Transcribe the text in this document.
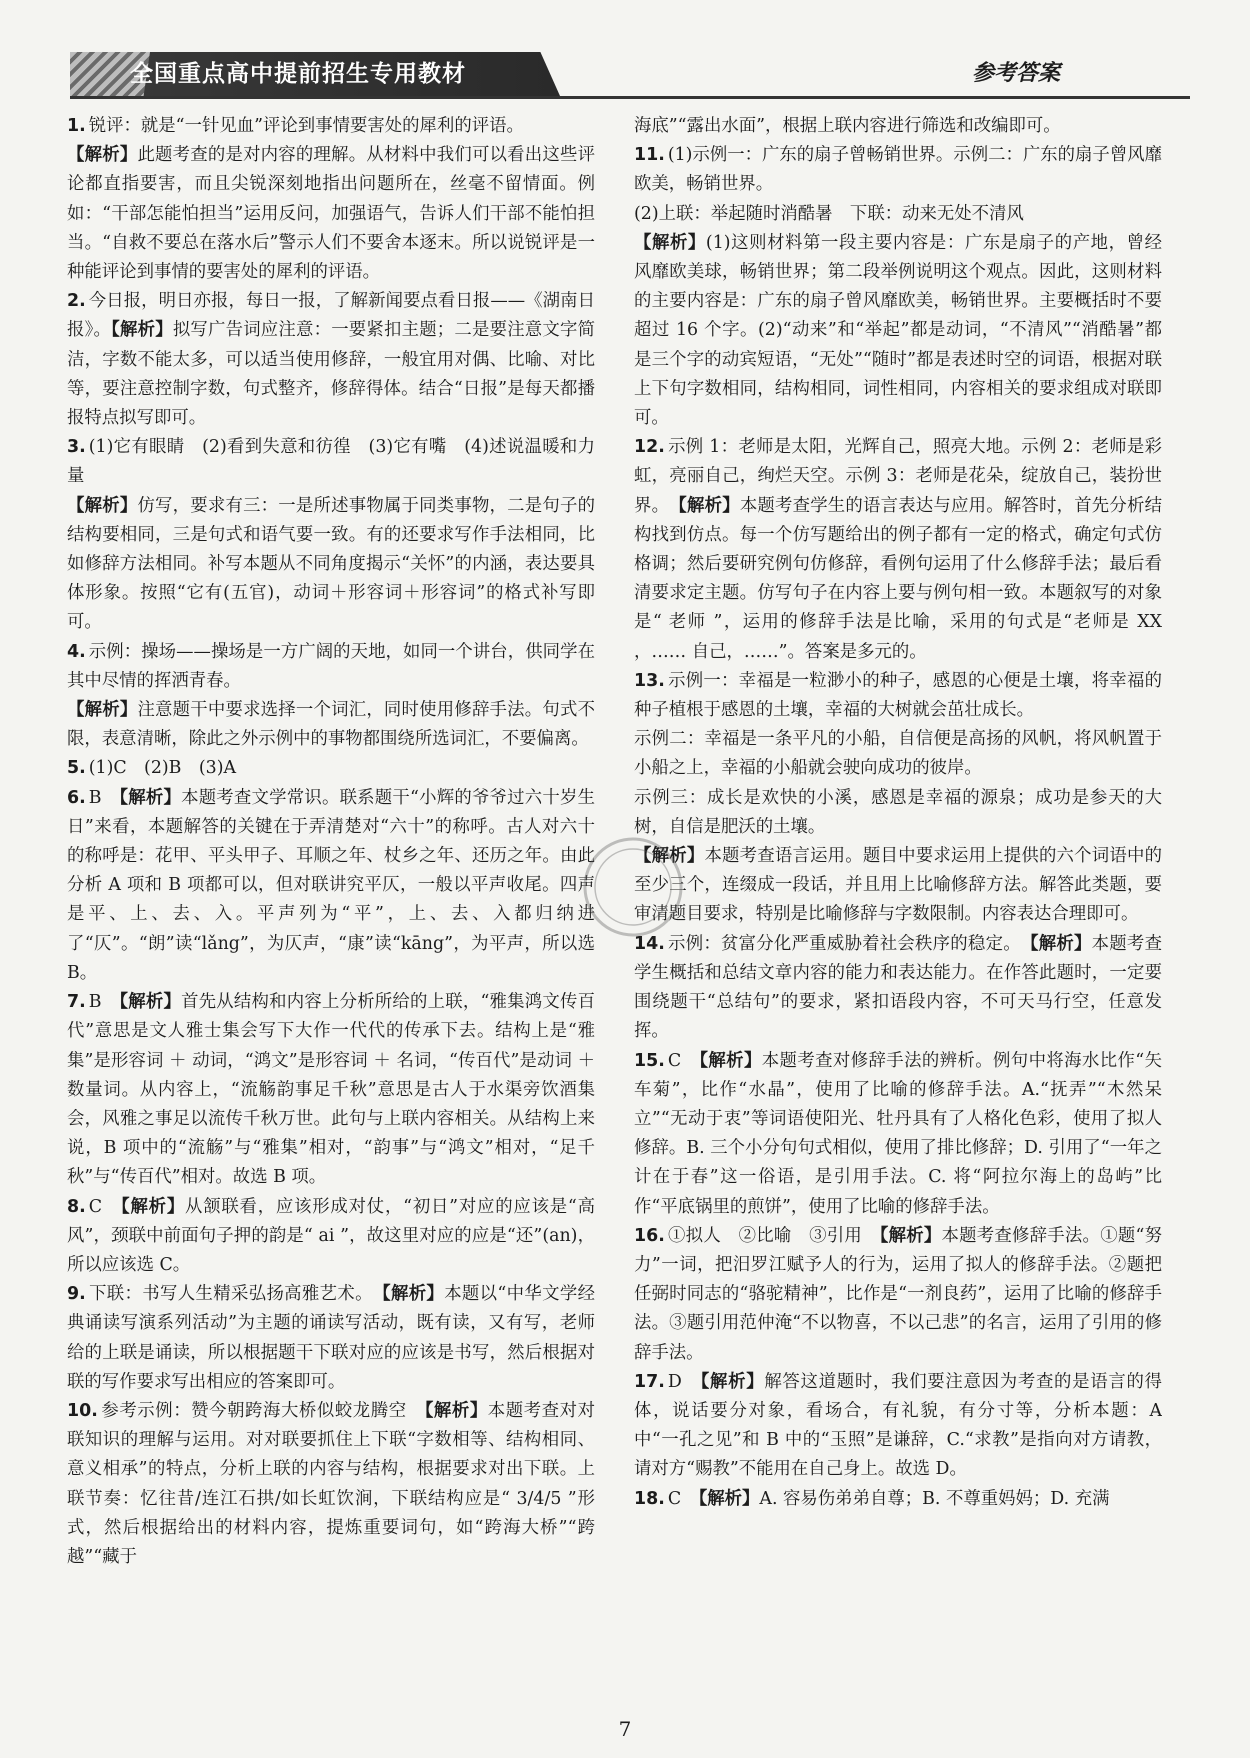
全国重点高中提前招生专用教材	参考答案

1. 锐评：就是“一针见血”评论到事情要害处的犀利的评语。

【解析】此题考查的是对内容的理解。从材料中我们可以看出这些评论都直指要害，而且尖锐深刻地指出问题所在，丝毫不留情面。例如：“干部怎能怕担当”运用反问，加强语气，告诉人们干部不能怕担当。“自救不要总在落水后”警示人们不要舍本逐末。所以说锐评是一种能评论到事情的要害处的犀利的评语。

2. 今日报，明日亦报，每日一报，了解新闻要点看日报——《湖南日报》。【解析】拟写广告词应注意：一要紧扣主题；二是要注意文字简洁，字数不能太多，可以适当使用修辞，一般宜用对偶、比喻、对比等，要注意控制字数，句式整齐，修辞得体。结合“日报”是每天都播报特点拟写即可。

3. (1)它有眼睛　(2)看到失意和彷徨　(3)它有嘴　(4)述说温暖和力量

【解析】仿写，要求有三：一是所述事物属于同类事物，二是句子的结构要相同，三是句式和语气要一致。有的还要求写作手法相同，比如修辞方法相同。补写本题从不同角度揭示“关怀”的内涵，表达要具体形象。按照“它有(五官)，动词＋形容词＋形容词”的格式补写即可。

4. 示例：操场——操场是一方广阔的天地，如同一个讲台，供同学在其中尽情的挥洒青春。

【解析】注意题干中要求选择一个词汇，同时使用修辞手法。句式不限，表意清晰，除此之外示例中的事物都围绕所选词汇，不要偏离。

5. (1)C　(2)B　(3)A

6. B　【解析】本题考查文学常识。联系题干“小辉的爷爷过六十岁生日”来看，本题解答的关键在于弄清楚对“六十”的称呼。古人对六十的称呼是：花甲、平头甲子、耳顺之年、杖乡之年、还历之年。由此分析 A 项和 B 项都可以，但对联讲究平仄，一般以平声收尾。四声是平、上、去、入。平声列为“平”，上、去、入都归纳进了“仄”。“朗”读“lǎng”，为仄声，“康”读“kāng”，为平声，所以选 B。

7. B　【解析】首先从结构和内容上分析所给的上联，“雅集鸿文传百代”意思是文人雅士集会写下大作一代代的传承下去。结构上是“雅集”是形容词 ＋ 动词，“鸿文”是形容词 ＋ 名词，“传百代”是动词 ＋ 数量词。从内容上，“流觞韵事足千秋”意思是古人于水渠旁饮酒集会，风雅之事足以流传千秋万世。此句与上联内容相关。从结构上来说，B 项中的“流觞”与“雅集”相对，“韵事”与“鸿文”相对，“足千秋”与“传百代”相对。故选 B 项。

8. C　【解析】从颔联看，应该形成对仗，“初日”对应的应该是“高风”，颈联中前面句子押的韵是“ ai ”，故这里对应的应是“还”(an)，所以应该选 C。

9. 下联：书写人生精采弘扬高雅艺术。　【解析】本题以“中华文学经典诵读写演系列活动”为主题的诵读写活动，既有读，又有写，老师给的上联是诵读，所以根据题干下联对应的应该是书写，然后根据对联的写作要求写出相应的答案即可。

10. 参考示例：赞今朝跨海大桥似蛟龙腾空　【解析】本题考查对对联知识的理解与运用。对对联要抓住上下联“字数相等、结构相同、意义相承”的特点，分析上联的内容与结构，根据要求对出下联。上联节奏：忆往昔/连江石拱/如长虹饮涧，下联结构应是“ 3/4/5 ”形式，然后根据给出的材料内容，提炼重要词句，如“跨海大桥”“跨越”“藏于

海底”“露出水面”，根据上联内容进行筛选和改编即可。

11. (1)示例一：广东的扇子曾畅销世界。示例二：广东的扇子曾风靡欧美，畅销世界。

(2)上联：举起随时消酷暑　下联：动来无处不清风

【解析】(1)这则材料第一段主要内容是：广东是扇子的产地，曾经风靡欧美球，畅销世界；第二段举例说明这个观点。因此，这则材料的主要内容是：广东的扇子曾风靡欧美，畅销世界。主要概括时不要超过 16 个字。(2)“动来”和“举起”都是动词，“不清风”“消酷暑”都是三个字的动宾短语，“无处”“随时”都是表述时空的词语，根据对联上下句字数相同，结构相同，词性相同，内容相关的要求组成对联即可。

12. 示例 1：老师是太阳，光辉自己，照亮大地。示例 2：老师是彩虹，亮丽自己，绚烂天空。示例 3：老师是花朵，绽放自己，装扮世界。　【解析】本题考查学生的语言表达与应用。解答时，首先分析结构找到仿点。每一个仿写题给出的例子都有一定的格式，确定句式仿格调；然后要研究例句仿修辞，看例句运用了什么修辞手法；最后看清要求定主题。仿写句子在内容上要与例句相一致。本题叙写的对象是“ 老师 ”，运用的修辞手法是比喻，采用的句式是“老师是 XX ，…… 自己，……”。答案是多元的。

13. 示例一：幸福是一粒渺小的种子，感恩的心便是土壤，将幸福的种子植根于感恩的土壤，幸福的大树就会茁壮成长。

示例二：幸福是一条平凡的小船，自信便是高扬的风帆，将风帆置于小船之上，幸福的小船就会驶向成功的彼岸。

示例三：成长是欢快的小溪，感恩是幸福的源泉；成功是参天的大树，自信是肥沃的土壤。

【解析】本题考查语言运用。题目中要求运用上提供的六个词语中的至少三个，连缀成一段话，并且用上比喻修辞方法。解答此类题，要审清题目要求，特别是比喻修辞与字数限制。内容表达合理即可。

14. 示例：贫富分化严重威胁着社会秩序的稳定。　【解析】本题考查学生概括和总结文章内容的能力和表达能力。在作答此题时，一定要围绕题干“总结句”的要求，紧扣语段内容，不可天马行空，任意发挥。

15. C　【解析】本题考查对修辞手法的辨析。例句中将海水比作“矢车菊”，比作“水晶”，使用了比喻的修辞手法。A.“抚弄”“木然呆立”“无动于衷”等词语使阳光、牡丹具有了人格化色彩，使用了拟人修辞。B. 三个小分句句式相似，使用了排比修辞；D. 引用了“一年之计在于春”这一俗语，是引用手法。C. 将“阿拉尔海上的岛屿”比作“平底锅里的煎饼”，使用了比喻的修辞手法。

16. ①拟人　②比喻　③引用　【解析】本题考查修辞手法。①题“努力”一词，把汨罗江赋予人的行为，运用了拟人的修辞手法。②题把任弼时同志的“骆驼精神”，比作是“一剂良药”，运用了比喻的修辞手法。③题引用范仲淹“不以物喜，不以己悲”的名言，运用了引用的修辞手法。

17. D　【解析】解答这道题时，我们要注意因为考查的是语言的得体，说话要分对象，看场合，有礼貌，有分寸等，分析本题：A 中“一孔之见”和 B 中的“玉照”是谦辞，C.“求教”是指向对方请教，请对方“赐教”不能用在自己身上。故选 D。

18. C　【解析】A. 容易伤弟弟自尊；B. 不尊重妈妈；D. 充满

7
